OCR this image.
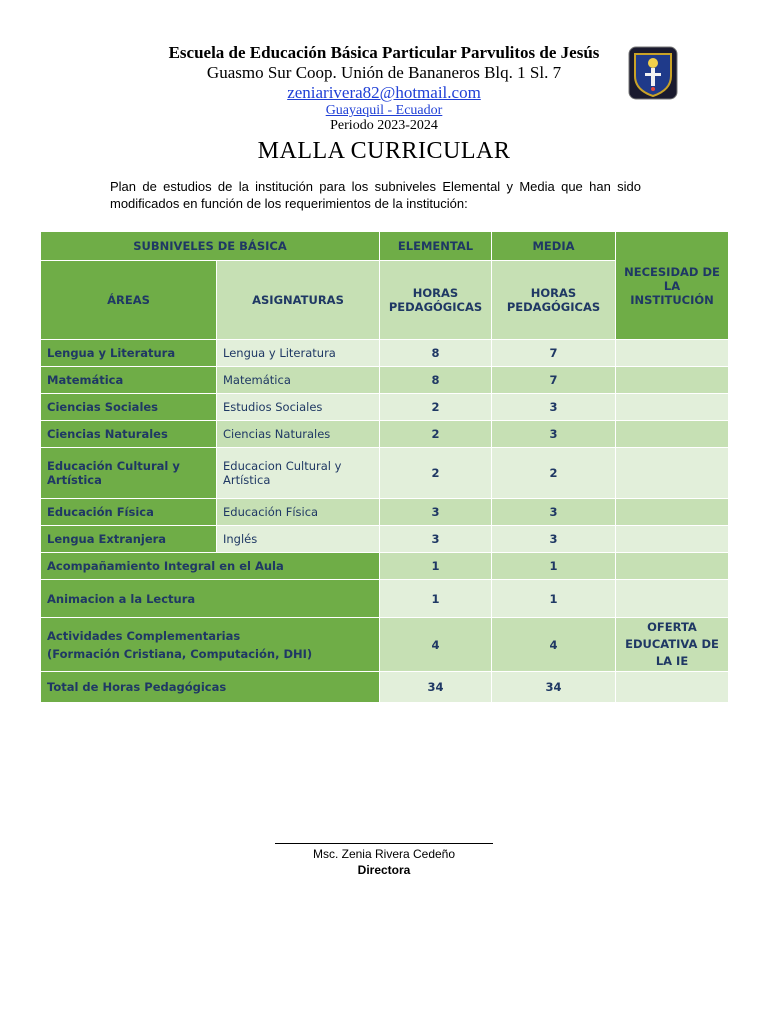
Escuela de Educación Básica Particular Parvulitos de Jesús
Guasmo Sur Coop. Unión de Bananeros Blq. 1 Sl. 7
zeniarivera82@hotmail.com
Guayaquil - Ecuador
Periodo 2023-2024
MALLA CURRICULAR
Plan de estudios de la institución para los subniveles Elemental y Media que han sido modificados en función de los requerimientos de la institución:
SUBNIVELES DE BÁSICA		ELEMENTAL	MEDIA	NECESIDAD DE LA INSTITUCIÓN
ÁREAS	ASIGNATURAS	HORAS PEDAGÓGICAS	HORAS PEDAGÓGICAS	
Lengua y Literatura	Lengua y Literatura	8	7	
Matemática	Matemática	8	7	
Ciencias Sociales	Estudios Sociales	2	3	
Ciencias Naturales	Ciencias Naturales	2	3	
Educación Cultural y Artística	Educacion Cultural y Artística	2	2	
Educación Física	Educación Física	3	3	
Lengua Extranjera	Inglés	3	3	
Acompañamiento Integral en el Aula		1	1	
Animacion a la Lectura		1	1	
Actividades Complementarias
(Formación Cristiana, Computación, DHI)		4	4	OFERTA EDUCATIVA DE LA IE
Total de Horas Pedagógicas		34	34	
Msc. Zenia Rivera Cedeño
Directora
